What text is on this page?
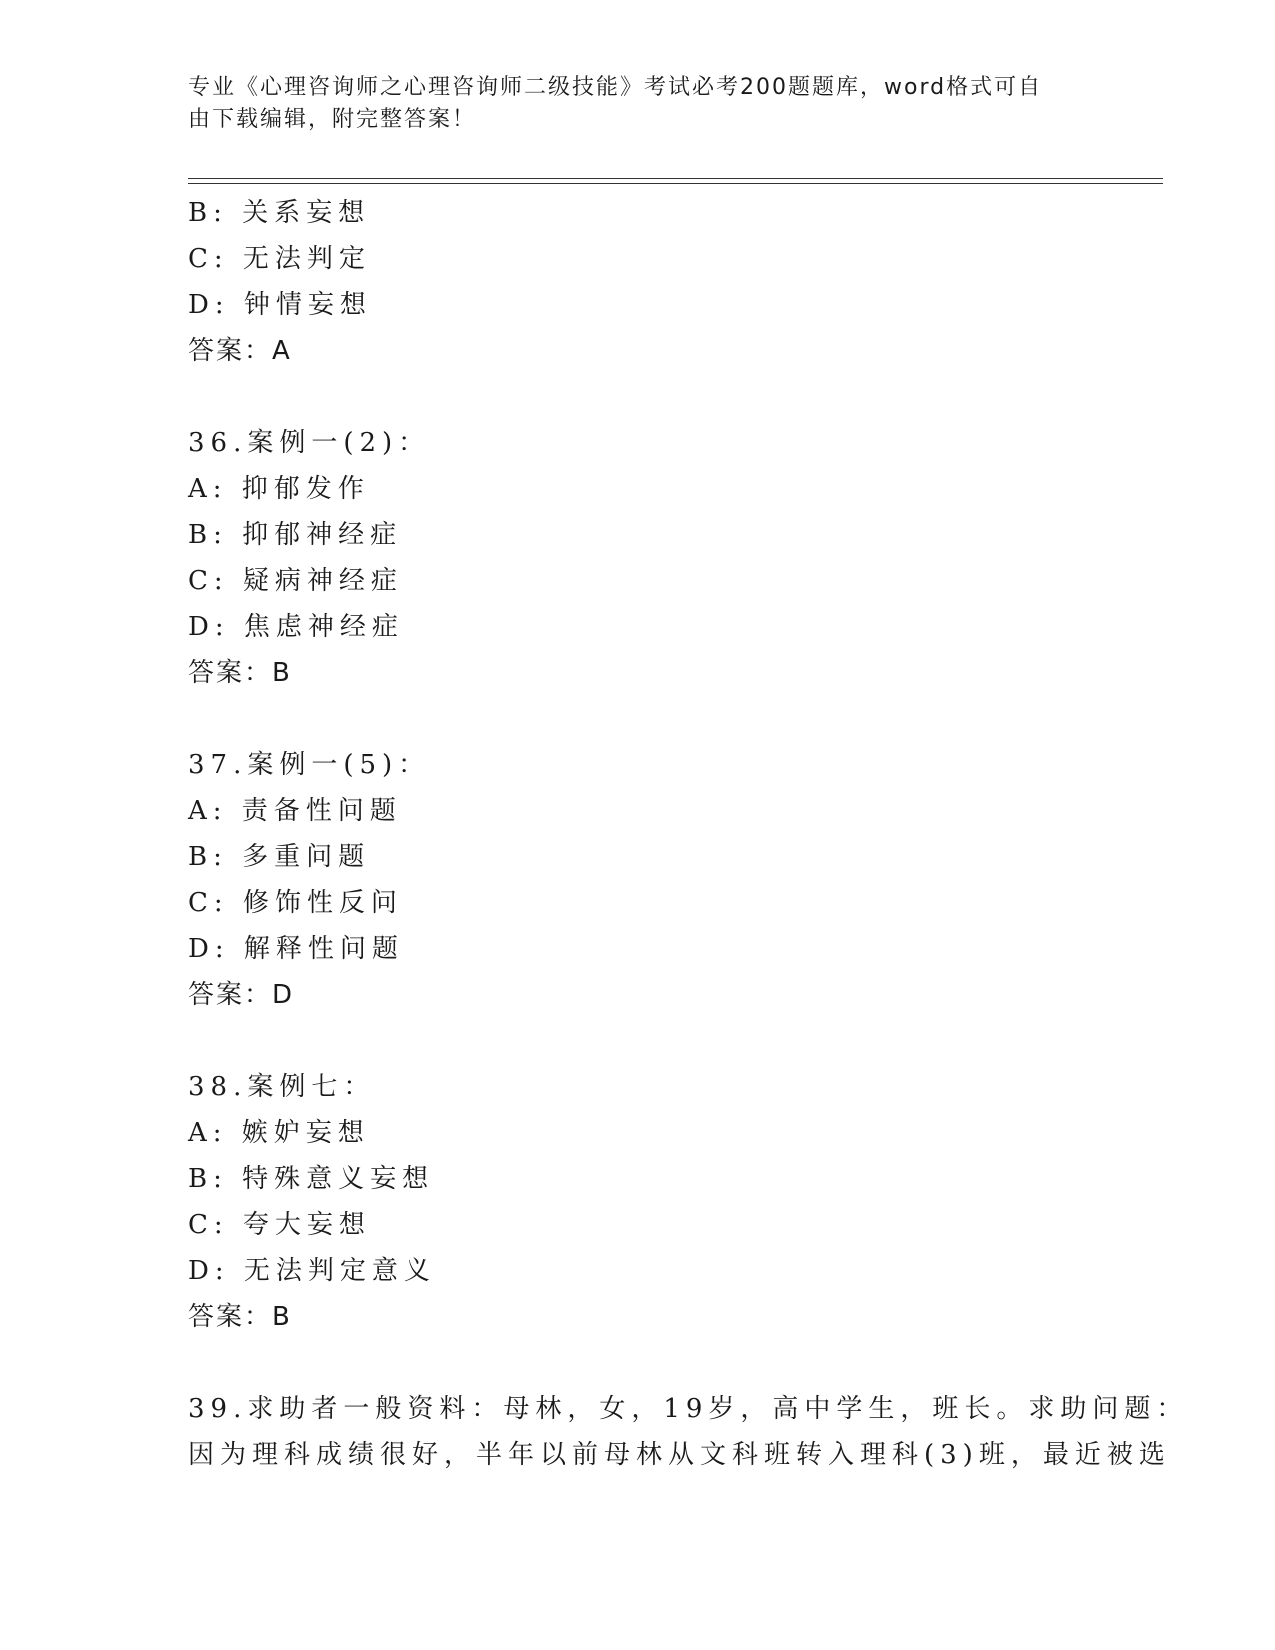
专业《心理咨询师之心理咨询师二级技能》考试必考200题题库，word格式可自
由下载编辑，附完整答案！
B: 关系妄想
C: 无法判定
D: 钟情妄想
答案：A
36.案例一(2)：
A: 抑郁发作
B: 抑郁神经症
C: 疑病神经症
D: 焦虑神经症
答案：B
37.案例一(5)：
A: 责备性问题
B: 多重问题
C: 修饰性反问
D: 解释性问题
答案：D
38.案例七：
A: 嫉妒妄想
B: 特殊意义妄想
C: 夸大妄想
D: 无法判定意义
答案：B
39.求助者一般资料：母林，女，19岁，高中学生，班长。求助问题：
因为理科成绩很好，半年以前母林从文科班转入理科(3)班，最近被选
